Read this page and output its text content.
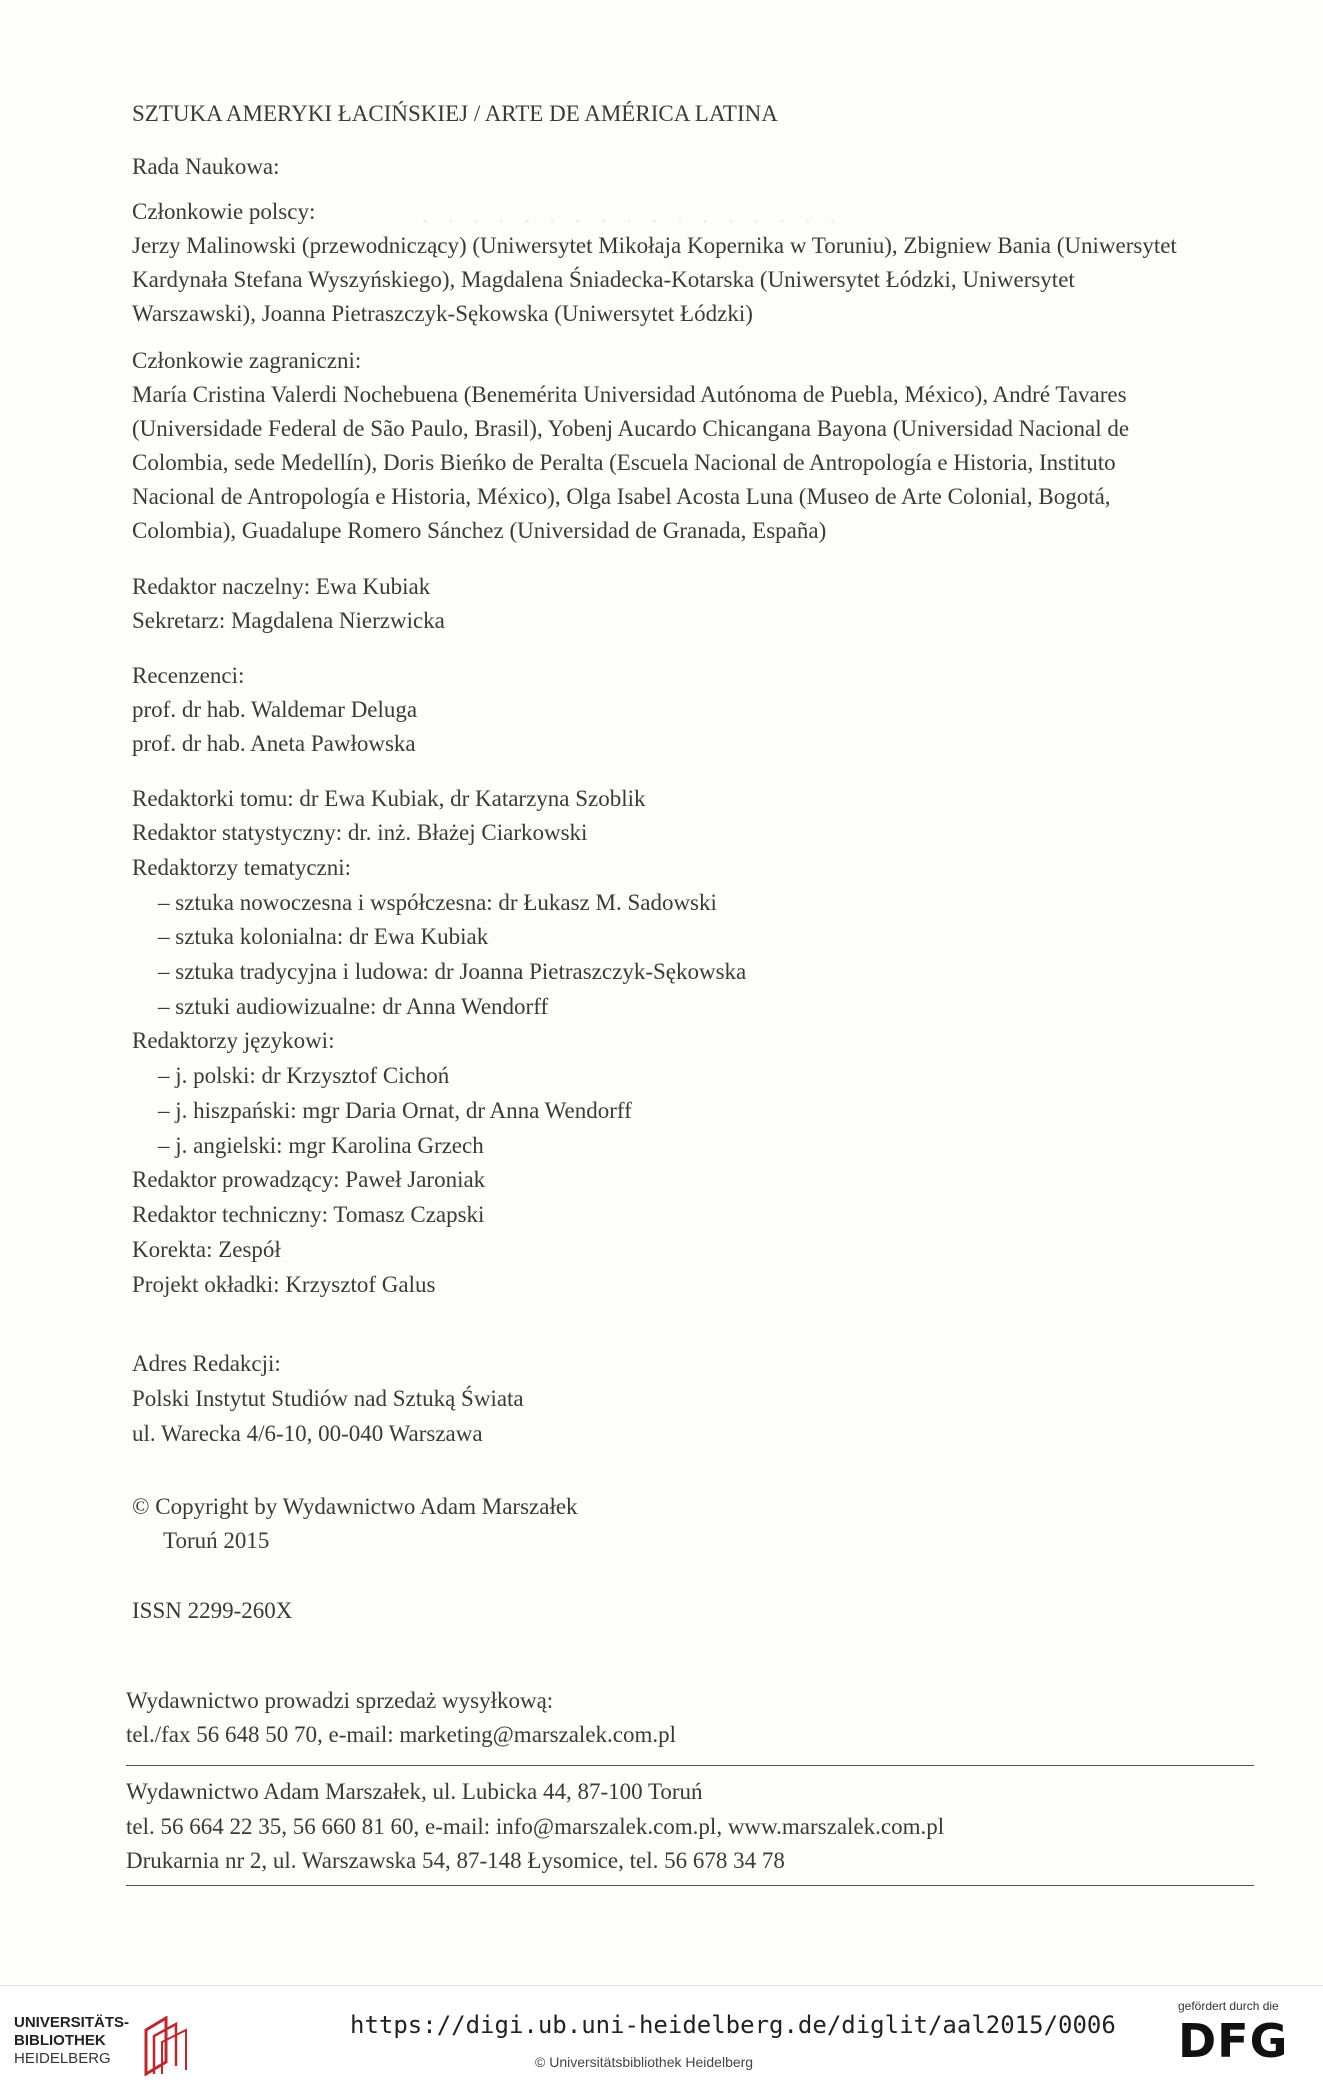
· · · · · · · · · · · · · · · · ·
SZTUKA AMERYKI ŁACIŃSKIEJ / ARTE DE AMÉRICA LATINA
Rada Naukowa:
Członkowie polscy:
Jerzy Malinowski (przewodniczący) (Uniwersytet Mikołaja Kopernika w Toruniu), Zbigniew Bania (Uniwersytet Kardynała Stefana Wyszyńskiego), Magdalena Śniadecka-Kotarska (Uniwersytet Łódzki, Uniwersytet Warszawski), Joanna Pietraszczyk-Sękowska (Uniwersytet Łódzki)
Członkowie zagraniczni:
María Cristina Valerdi Nochebuena (Benemérita Universidad Autónoma de Puebla, México), André Tavares (Universidade Federal de São Paulo, Brasil), Yobenj Aucardo Chicangana Bayona (Universidad Nacional de Colombia, sede Medellín), Doris Bieńko de Peralta (Escuela Nacional de Antropología e Historia, Instituto Nacional de Antropología e Historia, México), Olga Isabel Acosta Luna (Museo de Arte Colonial, Bogotá, Colombia), Guadalupe Romero Sánchez (Universidad de Granada, España)
Redaktor naczelny: Ewa Kubiak
Sekretarz: Magdalena Nierzwicka
Recenzenci:
prof. dr hab. Waldemar Deluga
prof. dr hab. Aneta Pawłowska
Redaktorki tomu: dr Ewa Kubiak, dr Katarzyna Szoblik
Redaktor statystyczny: dr. inż. Błażej Ciarkowski
Redaktorzy tematyczni:
– sztuka nowoczesna i współczesna: dr Łukasz M. Sadowski
– sztuka kolonialna: dr Ewa Kubiak
– sztuka tradycyjna i ludowa: dr Joanna Pietraszczyk-Sękowska
– sztuki audiowizualne: dr Anna Wendorff
Redaktorzy językowi:
– j. polski: dr Krzysztof Cichoń
– j. hiszpański: mgr Daria Ornat, dr Anna Wendorff
– j. angielski: mgr Karolina Grzech
Redaktor prowadzący: Paweł Jaroniak
Redaktor techniczny: Tomasz Czapski
Korekta: Zespół
Projekt okładki: Krzysztof Galus
Adres Redakcji:
Polski Instytut Studiów nad Sztuką Świata
ul. Warecka 4/6-10, 00-040 Warszawa
© Copyright by Wydawnictwo Adam Marszałek
Toruń 2015
ISSN 2299-260X
Wydawnictwo prowadzi sprzedaż wysyłkową:
tel./fax 56 648 50 70, e-mail: marketing@marszalek.com.pl
Wydawnictwo Adam Marszałek, ul. Lubicka 44, 87-100 Toruń
tel. 56 664 22 35, 56 660 81 60, e-mail: info@marszalek.com.pl, www.marszalek.com.pl
Drukarnia nr 2, ul. Warszawska 54, 87-148 Łysomice, tel. 56 678 34 78
UNIVERSITÄTS-
BIBLIOTHEK
HEIDELBERG
https://digi.ub.uni-heidelberg.de/diglit/aal2015/0006
© Universitätsbibliothek Heidelberg
gefördert durch die
DFG
